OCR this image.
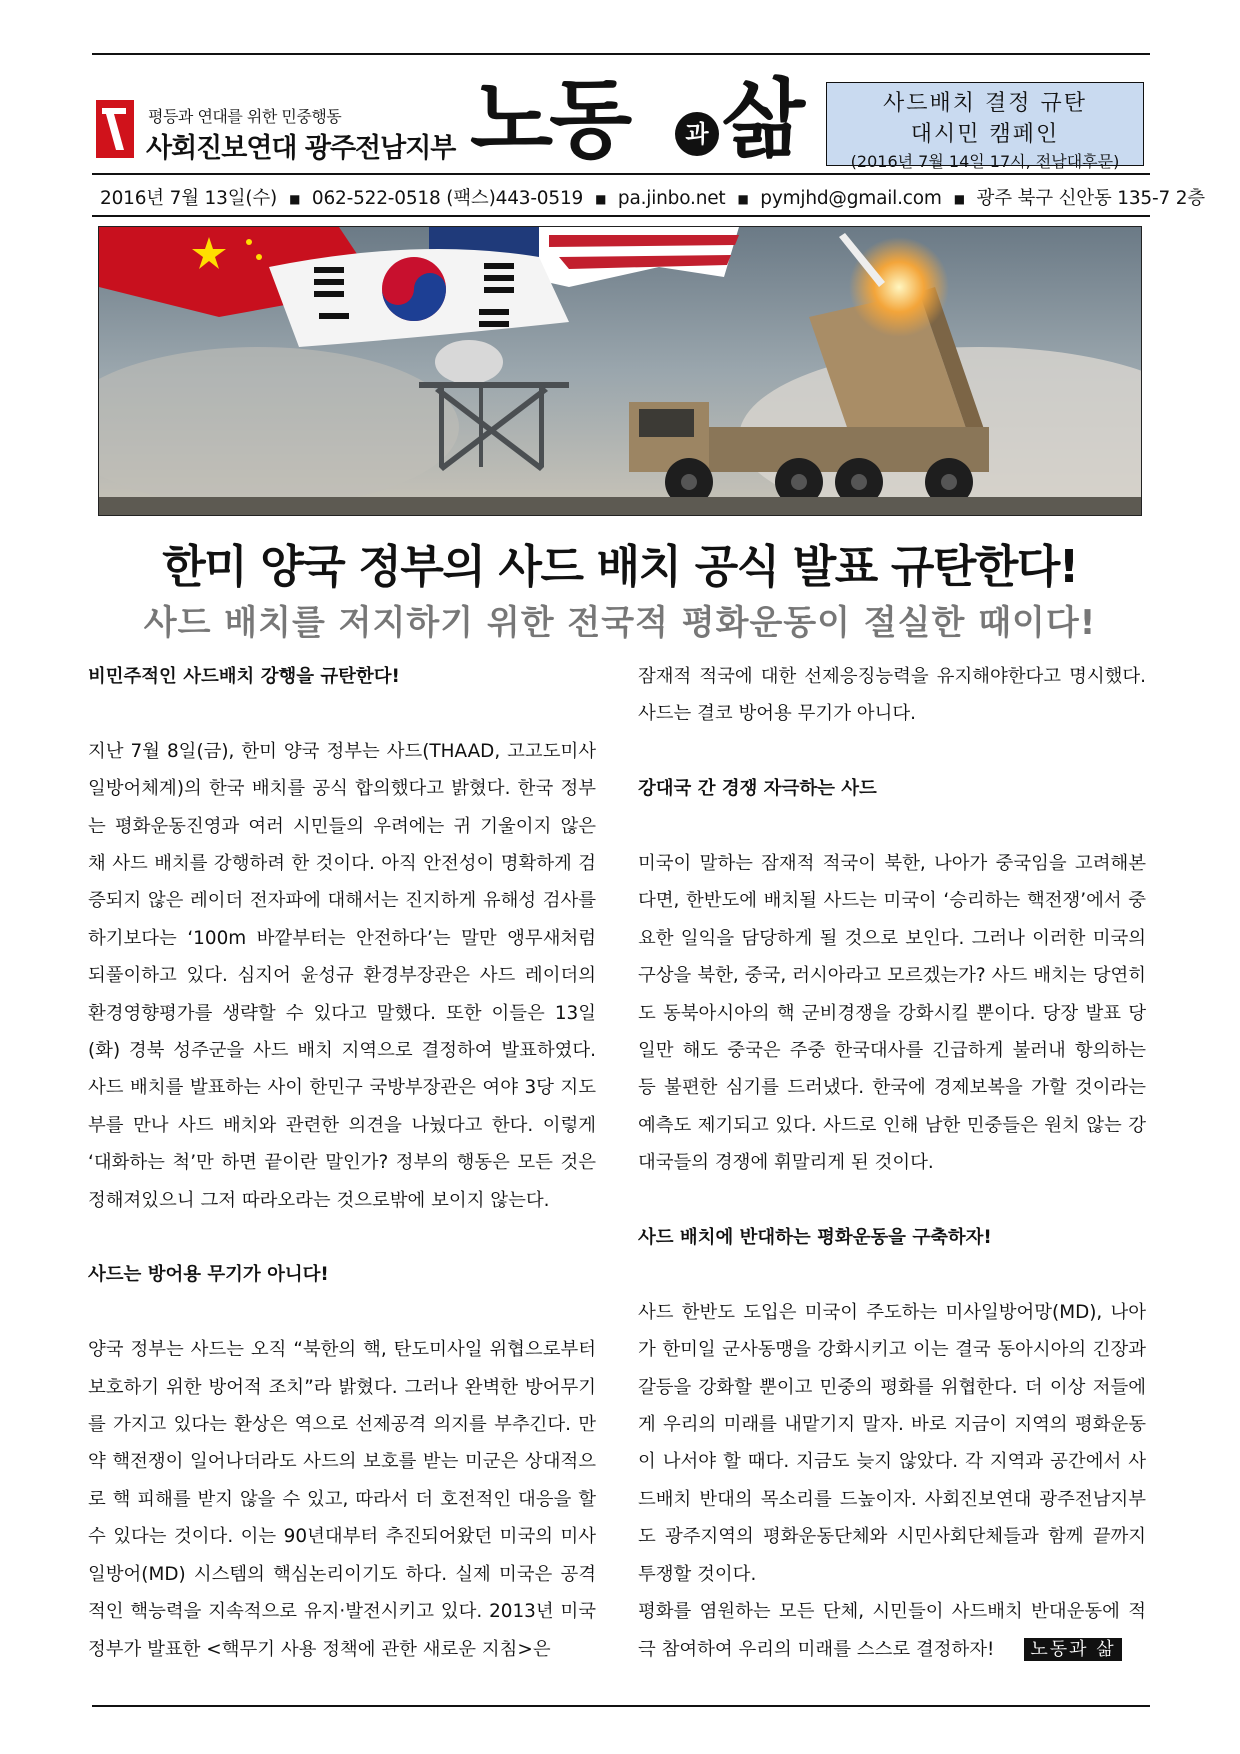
평등과 연대를 위한 민중행동
사회진보연대 광주전남지부 노동	과 삶	사드배치 결정 규탄
대시민 캠페인
(2016년 7월 14일 17시, 전남대후문)
2016년 7월 13일(수) ■ 062-522-0518 (팩스)443-0519 ■ pa.jinbo.net ■ pymjhd@gmail.com ■ 광주 북구 신안동 135-7 2층
한미 양국 정부의 사드 배치 공식 발표 규탄한다!
사드 배치를 저지하기 위한 전국적 평화운동이 절실한 때이다!

비민주적인 사드배치 강행을 규탄한다!

지난 7월 8일(금), 한미 양국 정부는 사드(THAAD, 고고도미사일방어체계)의 한국 배치를 공식 합의했다고 밝혔다. 한국 정부는 평화운동진영과 여러 시민들의 우려에는 귀 기울이지 않은 채 사드 배치를 강행하려 한 것이다. 아직 안전성이 명확하게 검증되지 않은 레이더 전자파에 대해서는 진지하게 유해성 검사를 하기보다는 ‘100m 바깥부터는 안전하다’는 말만 앵무새처럼 되풀이하고 있다. 심지어 윤성규 환경부장관은 사드 레이더의 환경영향평가를 생략할 수 있다고 말했다. 또한 이들은 13일(화) 경북 성주군을 사드 배치 지역으로 결정하여 발표하였다. 사드 배치를 발표하는 사이 한민구 국방부장관은 여야 3당 지도부를 만나 사드 배치와 관련한 의견을 나눴다고 한다. 이렇게 ‘대화하는 척’만 하면 끝이란 말인가? 정부의 행동은 모든 것은 정해져있으니 그저 따라오라는 것으로밖에 보이지 않는다.

사드는 방어용 무기가 아니다!

양국 정부는 사드는 오직 “북한의 핵, 탄도미사일 위협으로부터 보호하기 위한 방어적 조치”라 밝혔다. 그러나 완벽한 방어무기를 가지고 있다는 환상은 역으로 선제공격 의지를 부추긴다. 만약 핵전쟁이 일어나더라도 사드의 보호를 받는 미군은 상대적으로 핵 피해를 받지 않을 수 있고, 따라서 더 호전적인 대응을 할 수 있다는 것이다. 이는 90년대부터 추진되어왔던 미국의 미사일방어(MD) 시스템의 핵심논리이기도 하다. 실제 미국은 공격적인 핵능력을 지속적으로 유지·발전시키고 있다. 2013년 미국 정부가 발표한 <핵무기 사용 정책에 관한 새로운 지침>은

잠재적 적국에 대한 선제응징능력을 유지해야한다고 명시했다. 사드는 결코 방어용 무기가 아니다.

강대국 간 경쟁 자극하는 사드

미국이 말하는 잠재적 적국이 북한, 나아가 중국임을 고려해본다면, 한반도에 배치될 사드는 미국이 ‘승리하는 핵전쟁’에서 중요한 일익을 담당하게 될 것으로 보인다. 그러나 이러한 미국의 구상을 북한, 중국, 러시아라고 모르겠는가? 사드 배치는 당연히도 동북아시아의 핵 군비경쟁을 강화시킬 뿐이다. 당장 발표 당일만 해도 중국은 주중 한국대사를 긴급하게 불러내 항의하는 등 불편한 심기를 드러냈다. 한국에 경제보복을 가할 것이라는 예측도 제기되고 있다. 사드로 인해 남한 민중들은 원치 않는 강대국들의 경쟁에 휘말리게 된 것이다.

사드 배치에 반대하는 평화운동을 구축하자!

사드 한반도 도입은 미국이 주도하는 미사일방어망(MD), 나아가 한미일 군사동맹을 강화시키고 이는 결국 동아시아의 긴장과 갈등을 강화할 뿐이고 민중의 평화를 위협한다. 더 이상 저들에게 우리의 미래를 내맡기지 말자. 바로 지금이 지역의 평화운동이 나서야 할 때다. 지금도 늦지 않았다. 각 지역과 공간에서 사드배치 반대의 목소리를 드높이자. 사회진보연대 광주전남지부도 광주지역의 평화운동단체와 시민사회단체들과 함께 끝까지 투쟁할 것이다.

평화를 염원하는 모든 단체, 시민들이 사드배치 반대운동에 적극 참여하여 우리의 미래를 스스로 결정하자! 노동과 삶
